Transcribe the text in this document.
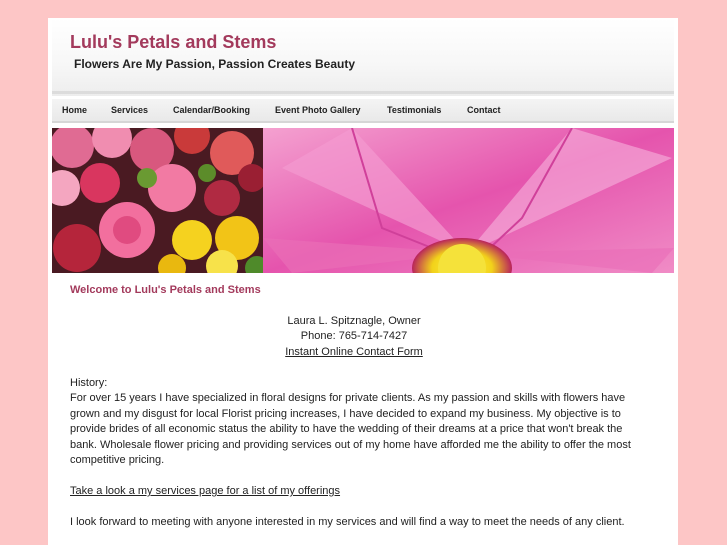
Lulu's Petals and Stems

Flowers Are My Passion, Passion Creates Beauty

Home	Services	Calendar/Booking	Event Photo Gallery	Testimonials	Contact
Welcome to Lulu's Petals and Stems

Laura L. Spitznagle, Owner

Phone: 765-714-7427

Instant Online Contact Form

History:

For over 15 years I have specialized in floral designs for private clients. As my passion and skills with flowers have grown and my disgust for local Florist pricing increases, I have decided to expand my business. My objective is to provide brides of all economic status the ability to have the wedding of their dreams at a price that won't break the bank. Wholesale flower pricing and providing services out of my home have afforded me the ability to offer the most competitive pricing.

Take a look a my services page for a list of my offerings

I look forward to meeting with anyone interested in my services and will find a way to meet the needs of any client.
